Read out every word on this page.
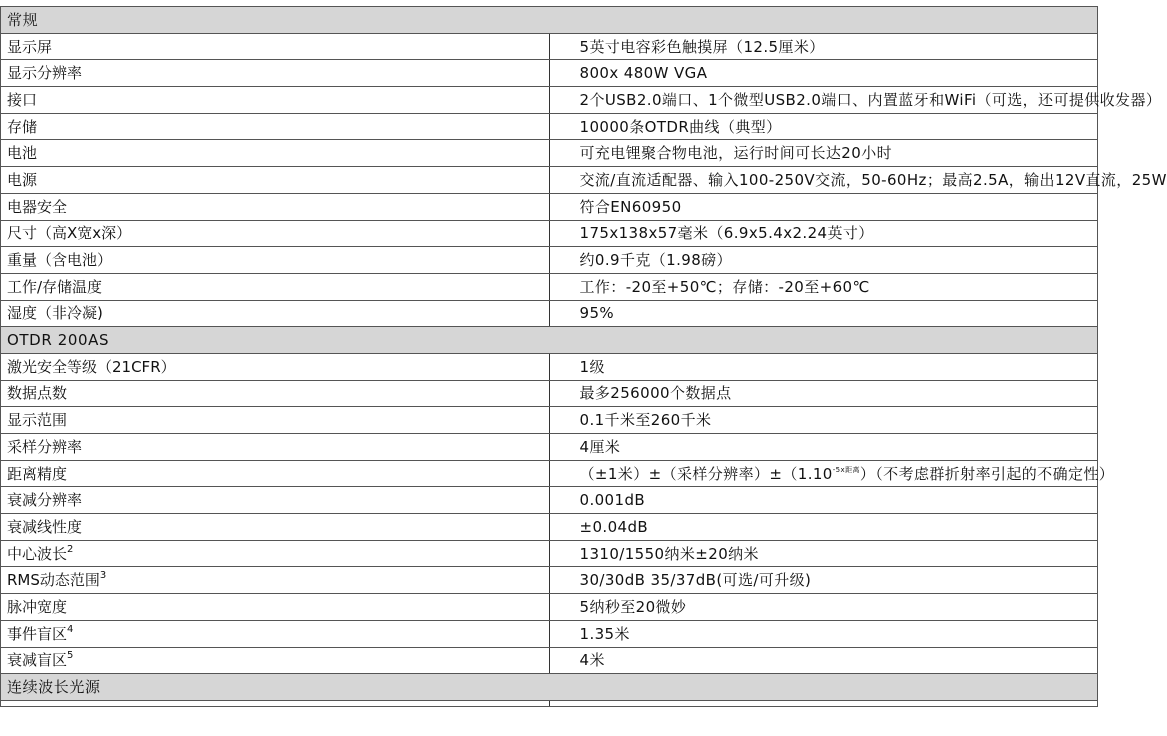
常规	
显示屏	5英寸电容彩色触摸屏（12.5厘米）
显示分辨率	800x 480W VGA
接口	2个USB2.0端口、1个微型USB2.0端口、内置蓝牙和WiFi（可选，还可提供收发器）
存储	10000条OTDR曲线（典型）
电池	可充电锂聚合物电池，运行时间可长达20小时
电源	交流/直流适配器、输入100-250V交流，50-60Hz；最高2.5A，输出12V直流，25W
电器安全	符合EN60950
尺寸（高X宽x深）	175x138x57毫米（6.9x5.4x2.24英寸）
重量（含电池）	约0.9千克（1.98磅）
工作/存储温度	工作：-20至+50℃；存储：-20至+60℃
湿度（非冷凝)	95%
OTDR 200AS	
激光安全等级（21CFR）	1级
数据点数	最多256000个数据点
显示范围	0.1千米至260千米
采样分辨率	4厘米
距离精度	（±1米）±（采样分辨率）$\pm(1.10^{-5x距离})$（不考虑群折射率引起的不确定性）
衰减分辨率	0.001dB
衰减线性度	±0.04dB
中心波长$^2$	1310/1550纳米±20纳米
RMS动态范围$^3$	30/30dB 35/37dB(可选/可升级)
脉冲宽度	5纳秒至20微妙
事件盲区$^4$	1.35米
衰减盲区$^5$	4米
连续波长光源	
